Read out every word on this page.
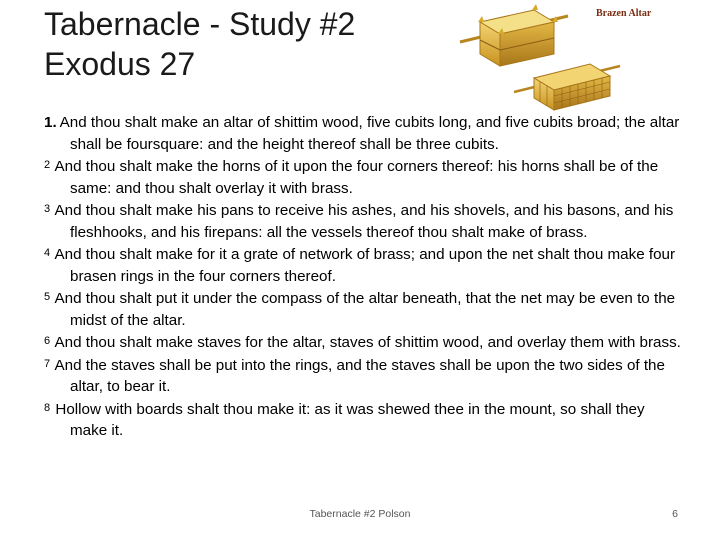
Tabernacle - Study #2
Exodus 27
Brazen Altar

1. And thou shalt make an altar of shittim wood, five cubits long, and five cubits broad; the altar shall be foursquare: and the height thereof shall be three cubits.

2 And thou shalt make the horns of it upon the four corners thereof: his horns shall be of the same: and thou shalt overlay it with brass.

3 And thou shalt make his pans to receive his ashes, and his shovels, and his basons, and his fleshhooks, and his firepans: all the vessels thereof thou shalt make of brass.

4 And thou shalt make for it a grate of network of brass; and upon the net shalt thou make four brasen rings in the four corners thereof.

5 And thou shalt put it under the compass of the altar beneath, that the net may be even to the midst of the altar.

6 And thou shalt make staves for the altar, staves of shittim wood, and overlay them with brass.

7 And the staves shall be put into the rings, and the staves shall be upon the two sides of the altar, to bear it.

8 Hollow with boards shalt thou make it: as it was shewed thee in the mount, so shall they make it.

Tabernacle #2 Polson	6
